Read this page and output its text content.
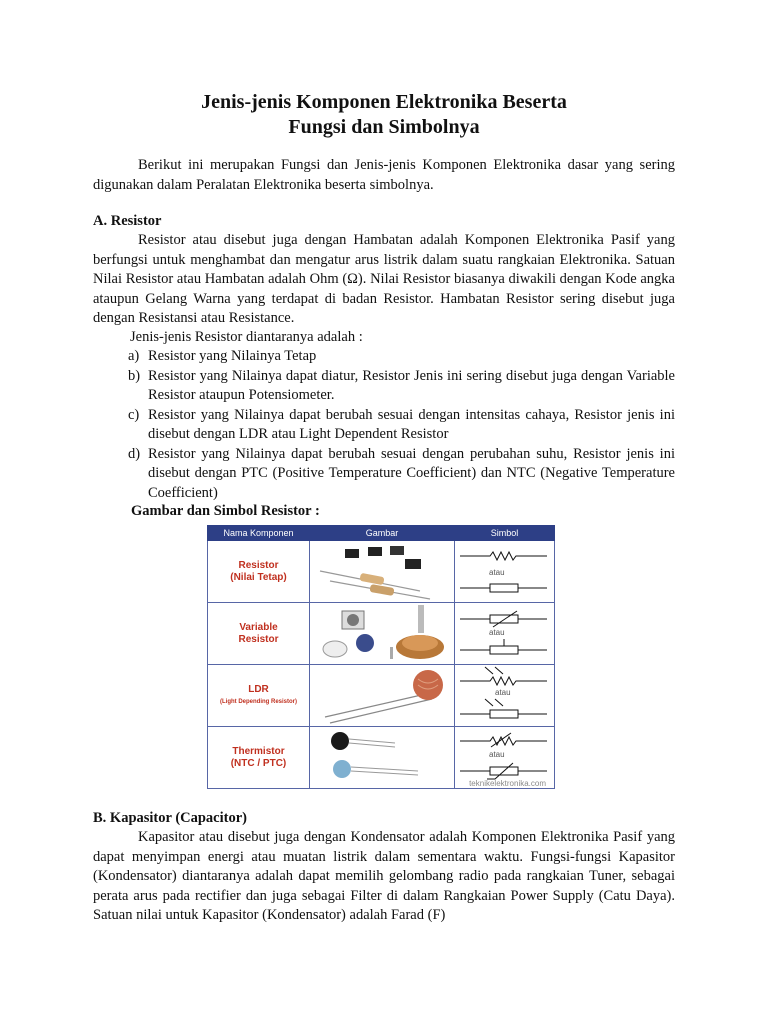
Jenis-jenis Komponen Elektronika Beserta
Fungsi dan Simbolnya
Berikut ini merupakan Fungsi dan Jenis-jenis Komponen Elektronika dasar yang sering digunakan dalam Peralatan Elektronika beserta simbolnya.
A. Resistor
Resistor atau disebut juga dengan Hambatan adalah Komponen Elektronika Pasif yang berfungsi untuk menghambat dan mengatur arus listrik dalam suatu rangkaian Elektronika. Satuan Nilai Resistor atau Hambatan adalah Ohm (Ω). Nilai Resistor biasanya diwakili dengan Kode angka ataupun Gelang Warna yang terdapat di badan Resistor. Hambatan Resistor sering disebut juga dengan Resistansi atau Resistance.
Jenis-jenis Resistor diantaranya adalah :
a) Resistor yang Nilainya Tetap
b) Resistor yang Nilainya dapat diatur, Resistor Jenis ini sering disebut juga dengan Variable Resistor ataupun Potensiometer.
c) Resistor yang Nilainya dapat berubah sesuai dengan intensitas cahaya, Resistor jenis ini disebut dengan LDR atau Light Dependent Resistor
d) Resistor yang Nilainya dapat berubah sesuai dengan perubahan suhu, Resistor jenis ini disebut dengan PTC (Positive Temperature Coefficient) dan NTC (Negative Temperature Coefficient)
Gambar dan Simbol Resistor :
Nama Komponen	Gambar	Simbol

Resistor
(Nilai Tetap)		atau

Variable
Resistor		atau

LDR
(Light Depending Resistor)		atau

Thermistor
(NTC / PTC)		atau
teknikelektronika.com
B. Kapasitor (Capacitor)
Kapasitor atau disebut juga dengan Kondensator adalah Komponen Elektronika Pasif yang dapat menyimpan energi atau muatan listrik dalam sementara waktu. Fungsi-fungsi Kapasitor (Kondensator) diantaranya adalah dapat memilih gelombang radio pada rangkaian Tuner, sebagai perata arus pada rectifier dan juga sebagai Filter di dalam Rangkaian Power Supply (Catu Daya). Satuan nilai untuk Kapasitor (Kondensator) adalah Farad (F)
